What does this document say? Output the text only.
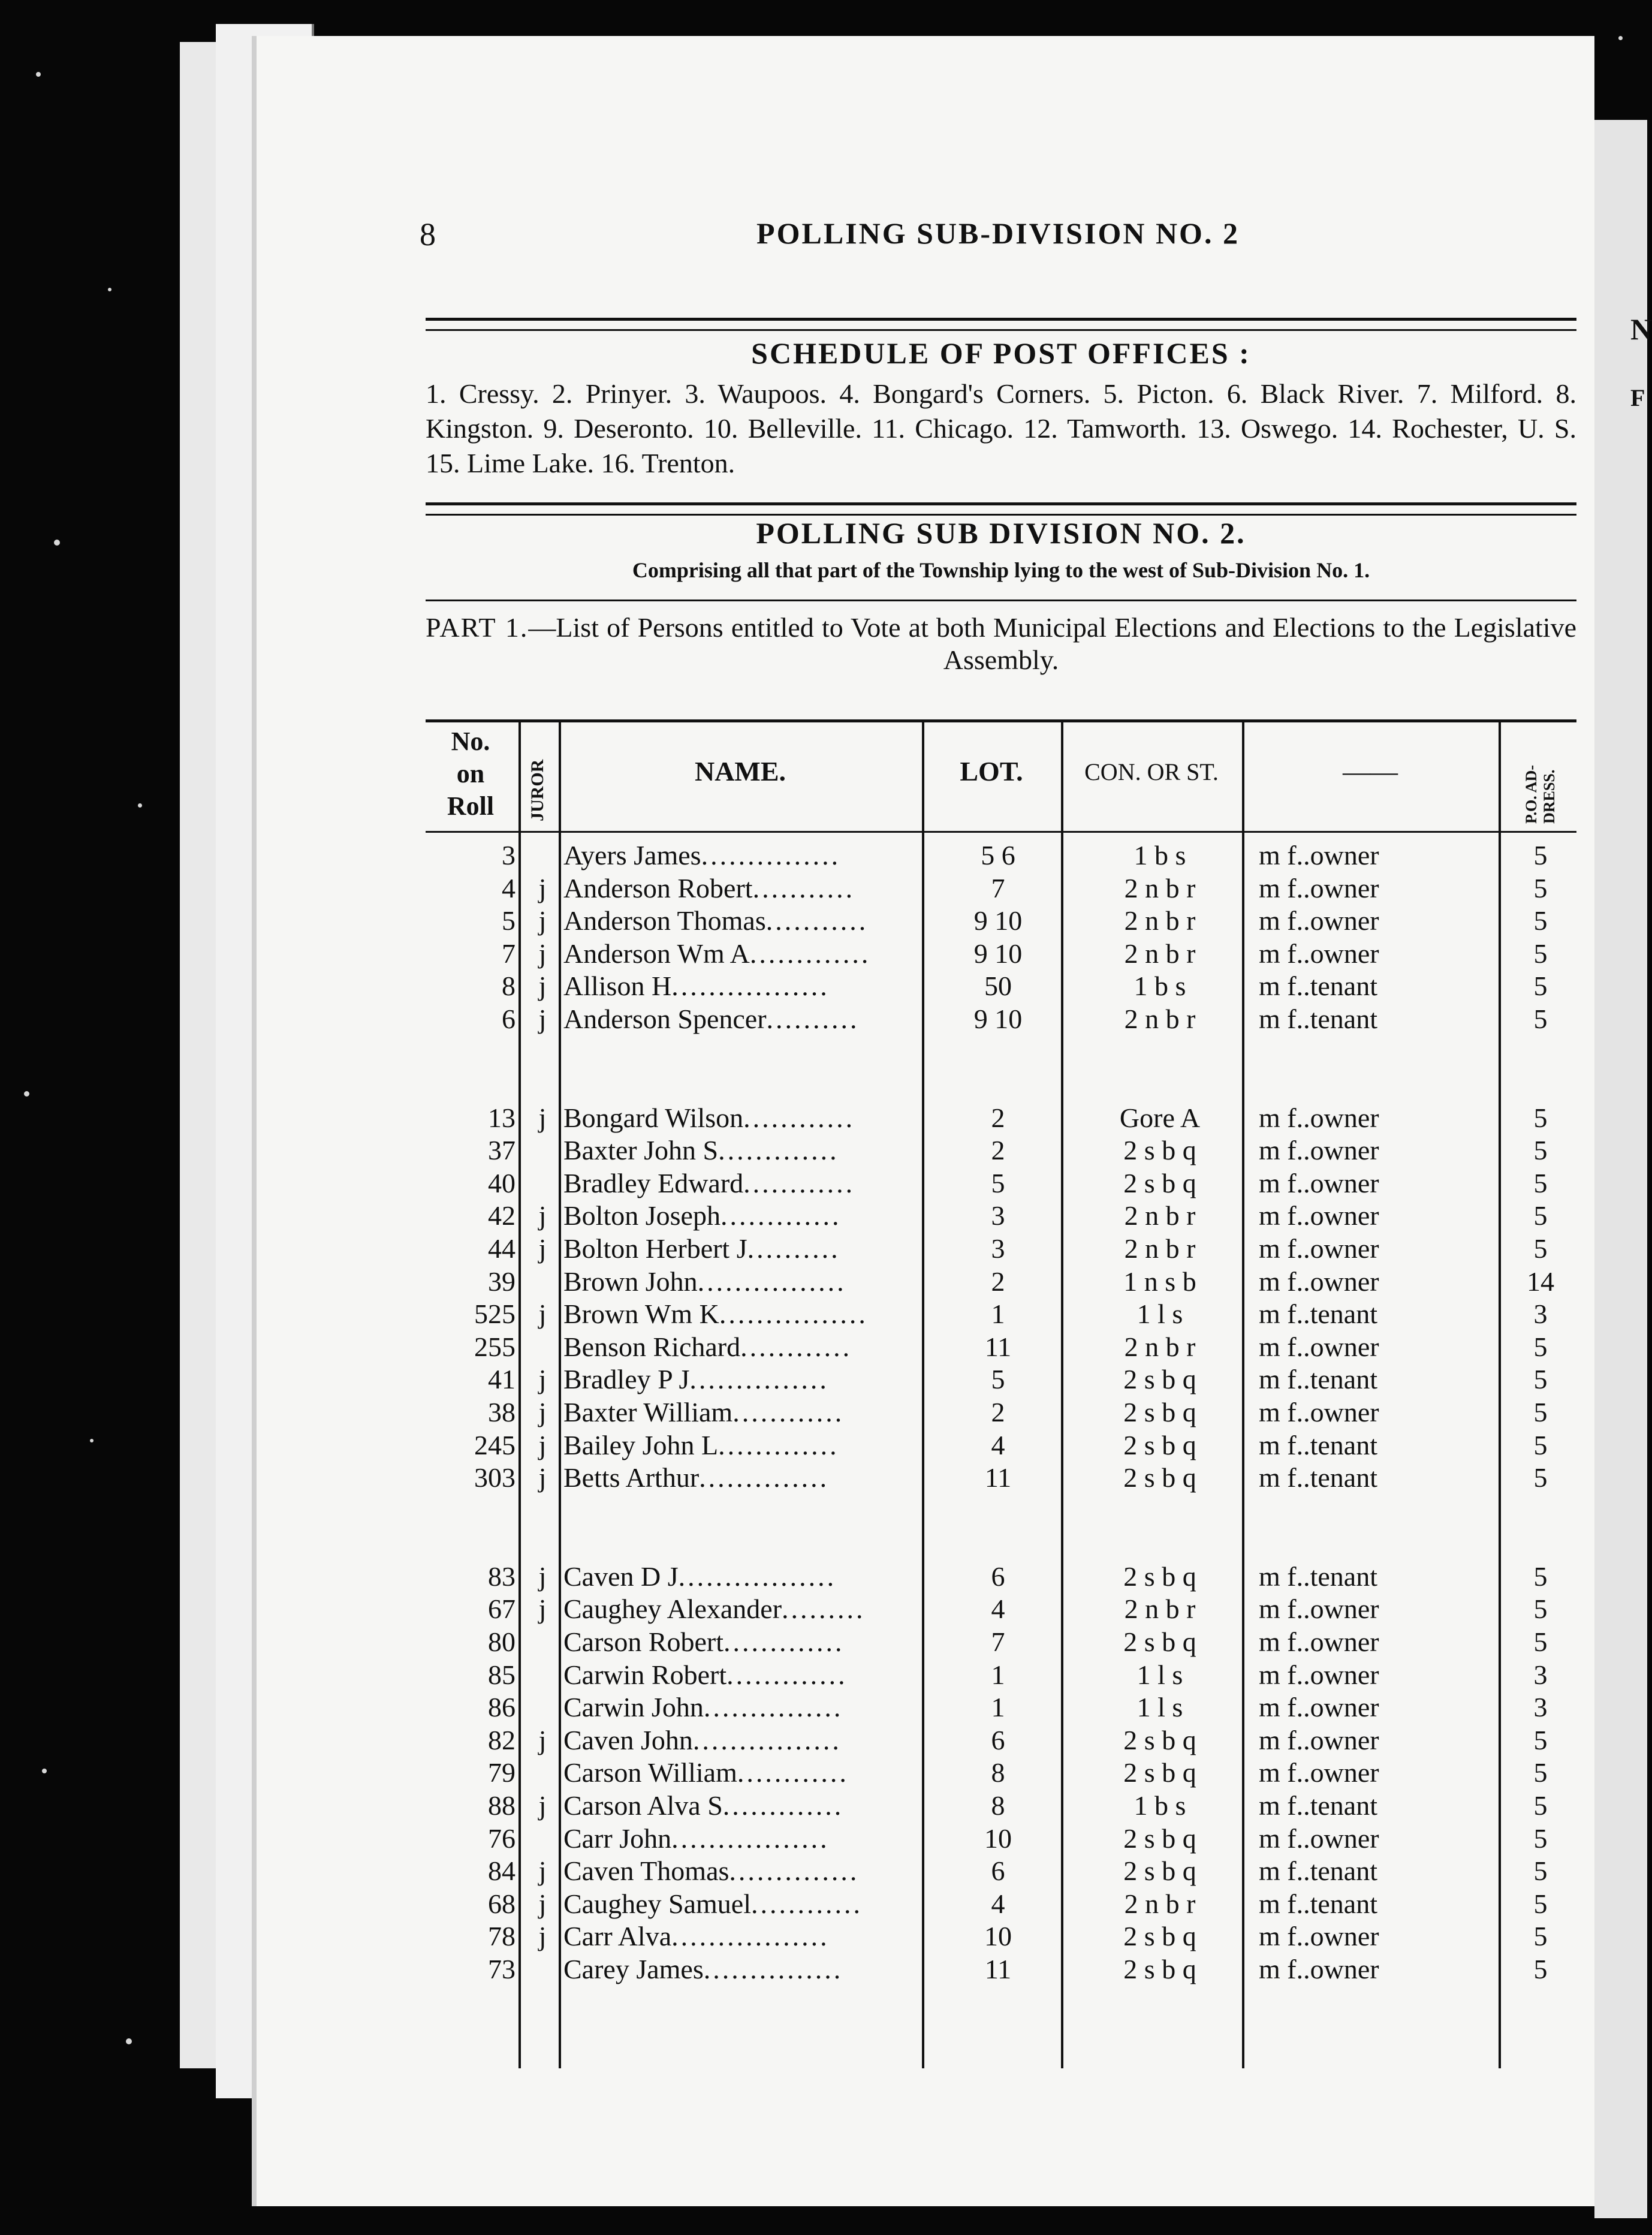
N
F
8	POLLING SUB-DIVISION NO. 2
SCHEDULE OF POST OFFICES :
1. Cressy. 2. Prinyer. 3. Waupoos. 4. Bongard's Corners. 5. Picton. 6. Black River. 7. Milford. 8. Kingston. 9. Deseronto. 10. Belleville. 11. Chicago. 12. Tamworth. 13. Oswego. 14. Rochester, U. S. 15. Lime Lake. 16. Trenton.
POLLING SUB DIVISION NO. 2.
Comprising all that part of the Township lying to the west of Sub-Division No. 1.
PART 1.—List of Persons entitled to Vote at both Municipal Elections and Elections to the Legislative Assembly.
No.
on
Roll	JUROR	NAME.	LOT.	CON. OR ST.	——	P.O. AD-DRESS.
3 Ayers James...............	5 6	1 b s	m f..owner	5
4 j Anderson Robert...........	7	2 n b r	m f..owner	5
5 j Anderson Thomas...........	9 10	2 n b r	m f..owner	5
7 j Anderson Wm A.............	9 10	2 n b r	m f..owner	5
8 j Allison H.................	50	1 b s	m f..tenant	5
6 j Anderson Spencer..........	9 10	2 n b r	m f..tenant	5
13 j Bongard Wilson............	2	Gore A	m f..owner	5
37 Baxter John S.............	2	2 s b q	m f..owner	5
40 Bradley Edward............	5	2 s b q	m f..owner	5
42 j Bolton Joseph.............	3	2 n b r	m f..owner	5
44 j Bolton Herbert J..........	3	2 n b r	m f..owner	5
39 Brown John................	2	1 n s b	m f..owner	14
525 j Brown Wm K................	1	1 l s	m f..tenant	3
255 Benson Richard............	11	2 n b r	m f..owner	5
41 j Bradley P J...............	5	2 s b q	m f..tenant	5
38 j Baxter William............	2	2 s b q	m f..owner	5
245 j Bailey John L.............	4	2 s b q	m f..tenant	5
303 j Betts Arthur..............	11	2 s b q	m f..tenant	5
83 j Caven D J.................	6	2 s b q	m f..tenant	5
67 j Caughey Alexander.........	4	2 n b r	m f..owner	5
80 Carson Robert.............	7	2 s b q	m f..owner	5
85 Carwin Robert.............	1	1 l s	m f..owner	3
86 Carwin John...............	1	1 l s	m f..owner	3
82 j Caven John................	6	2 s b q	m f..owner	5
79 Carson William............	8	2 s b q	m f..owner	5
88 j Carson Alva S.............	8	1 b s	m f..tenant	5
76 Carr John.................	10	2 s b q	m f..owner	5
84 j Caven Thomas..............	6	2 s b q	m f..tenant	5
68 j Caughey Samuel............	4	2 n b r	m f..tenant	5
78 j Carr Alva.................	10	2 s b q	m f..owner	5
73 Carey James...............	11	2 s b q	m f..owner	5
